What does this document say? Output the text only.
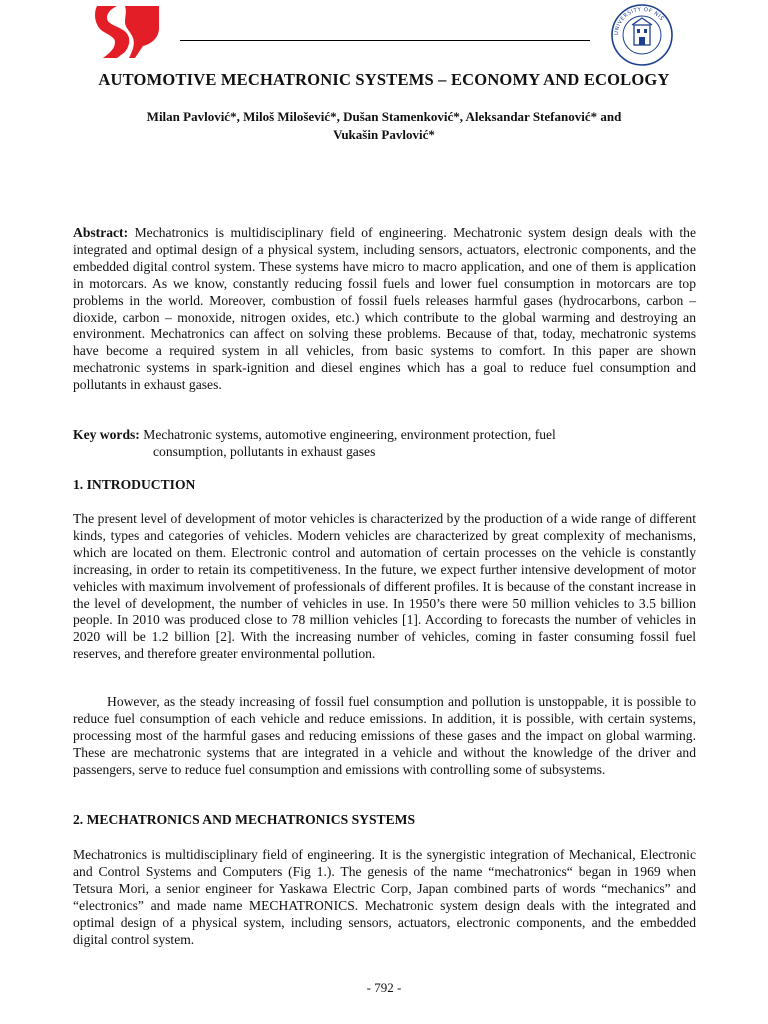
UNIVERSITY OF NIŠ
AUTOMOTIVE MECHATRONIC SYSTEMS – ECONOMY AND ECOLOGY
Milan Pavlović*, Miloš Milošević*, Dušan Stamenković*, Aleksandar Stefanović* and
Vukašin Pavlović*
Abstract: Mechatronics is multidisciplinary field of engineering. Mechatronic system design deals with the integrated and optimal design of a physical system, including sensors, actuators, electronic components, and the embedded digital control system. These systems have micro to macro application, and one of them is application in motorcars. As we know, constantly reducing fossil fuels and lower fuel consumption in motorcars are top problems in the world. Moreover, combustion of fossil fuels releases harmful gases (hydrocarbons, carbon – dioxide, carbon – monoxide, nitrogen oxides, etc.) which contribute to the global warming and destroying an environment. Mechatronics can affect on solving these problems. Because of that, today, mechatronic systems have become a required system in all vehicles, from basic systems to comfort. In this paper are shown mechatronic systems in spark-ignition and diesel engines which has a goal to reduce fuel consumption and pollutants in exhaust gases.
Key words: Mechatronic systems, automotive engineering, environment protection, fuel
consumption, pollutants in exhaust gases
1. INTRODUCTION
The present level of development of motor vehicles is characterized by the production of a wide range of different kinds, types and categories of vehicles. Modern vehicles are characterized by great complexity of mechanisms, which are located on them. Electronic control and automation of certain processes on the vehicle is constantly increasing, in order to retain its competitiveness. In the future, we expect further intensive development of motor vehicles with maximum involvement of professionals of different profiles. It is because of the constant increase in the level of development, the number of vehicles in use. In 1950’s there were 50 million vehicles to 3.5 billion people. In 2010 was produced close to 78 million vehicles [1]. According to forecasts the number of vehicles in 2020 will be 1.2 billion [2]. With the increasing number of vehicles, coming in faster consuming fossil fuel reserves, and therefore greater environmental pollution.
However, as the steady increasing of fossil fuel consumption and pollution is unstoppable, it is possible to reduce fuel consumption of each vehicle and reduce emissions. In addition, it is possible, with certain systems, processing most of the harmful gases and reducing emissions of these gases and the impact on global warming. These are mechatronic systems that are integrated in a vehicle and without the knowledge of the driver and passengers, serve to reduce fuel consumption and emissions with controlling some of subsystems.
2. MECHATRONICS AND MECHATRONICS SYSTEMS
Mechatronics is multidisciplinary field of engineering. It is the synergistic integration of Mechanical, Electronic and Control Systems and Computers (Fig 1.). The genesis of the name “mechatronics“ began in 1969 when Tetsura Mori, a senior engineer for Yaskawa Electric Corp, Japan combined parts of words “mechanics” and “electronics” and made name MECHATRONICS. Mechatronic system design deals with the integrated and optimal design of a physical system, including sensors, actuators, electronic components, and the embedded digital control system.
- 792 -
